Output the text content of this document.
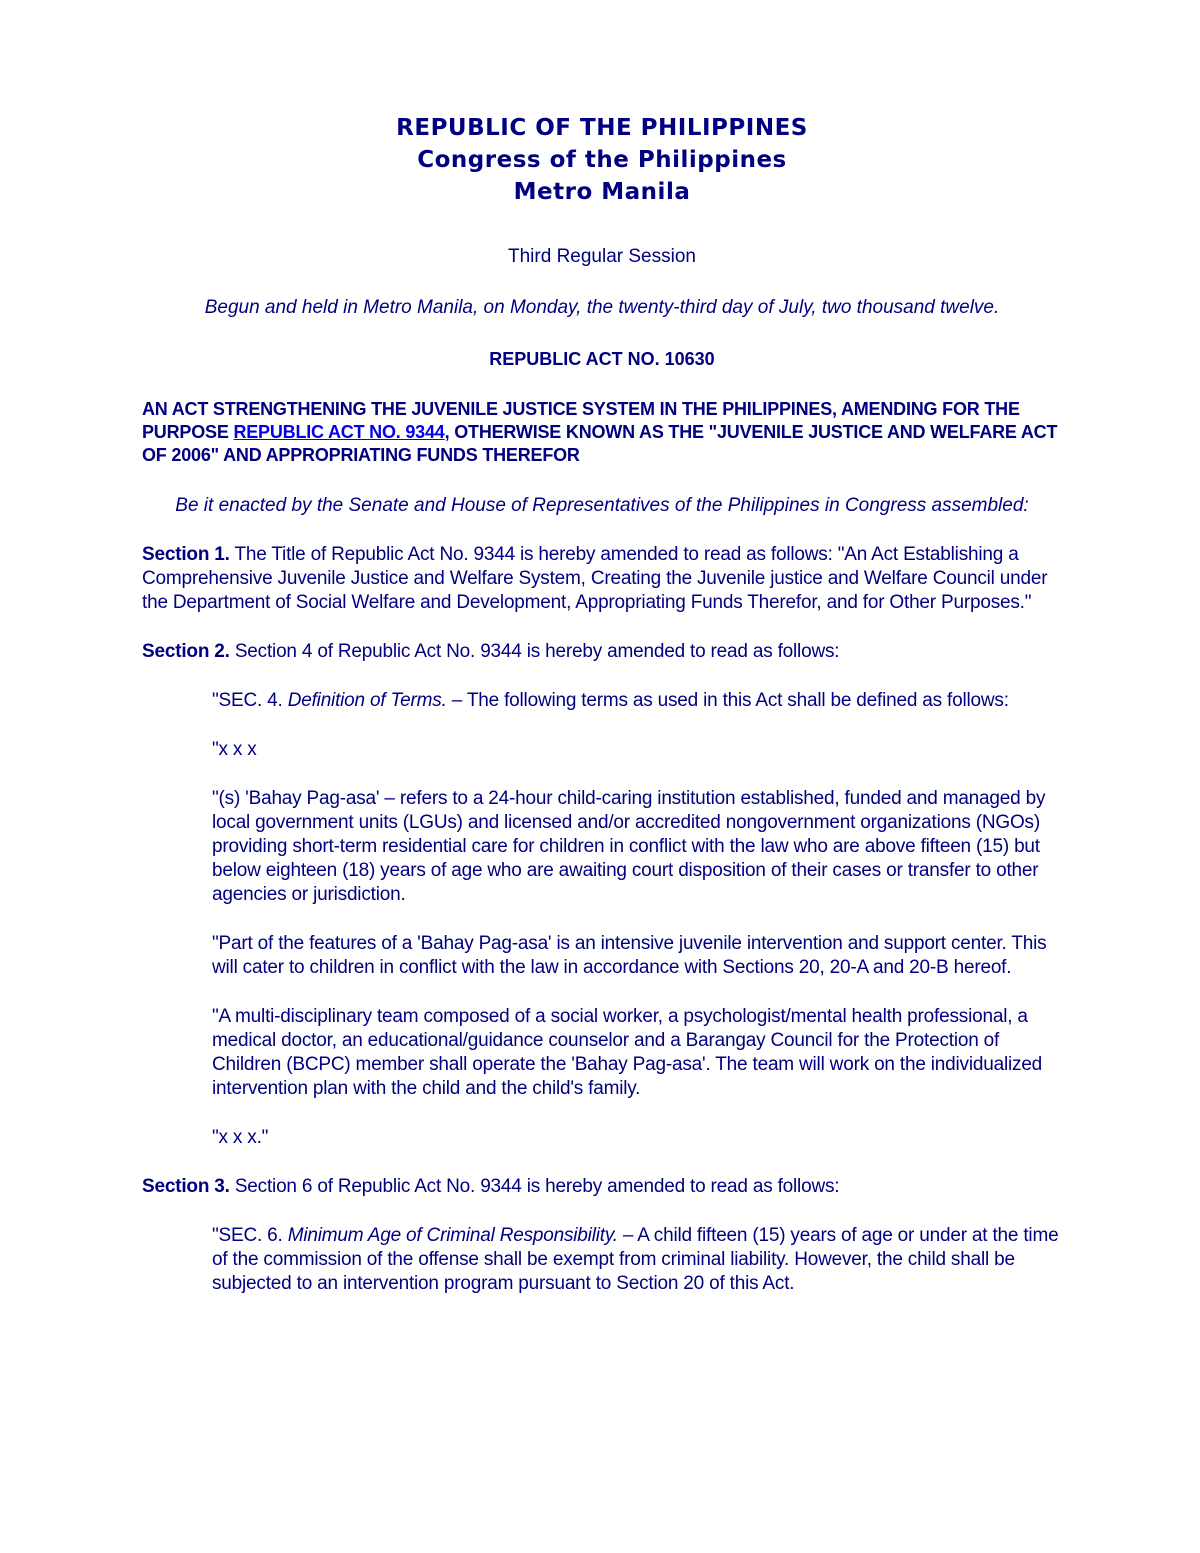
REPUBLIC OF THE PHILIPPINES
Congress of the Philippines
Metro Manila
Third Regular Session
Begun and held in Metro Manila, on Monday, the twenty-third day of July, two thousand twelve.
REPUBLIC ACT NO. 10630
AN ACT STRENGTHENING THE JUVENILE JUSTICE SYSTEM IN THE PHILIPPINES, AMENDING FOR THE PURPOSE REPUBLIC ACT NO. 9344, OTHERWISE KNOWN AS THE "JUVENILE JUSTICE AND WELFARE ACT OF 2006" AND APPROPRIATING FUNDS THEREFOR
Be it enacted by the Senate and House of Representatives of the Philippines in Congress assembled:
Section 1. The Title of Republic Act No. 9344 is hereby amended to read as follows: "An Act Establishing a Comprehensive Juvenile Justice and Welfare System, Creating the Juvenile justice and Welfare Council under the Department of Social Welfare and Development, Appropriating Funds Therefor, and for Other Purposes."
Section 2. Section 4 of Republic Act No. 9344 is hereby amended to read as follows:
"SEC. 4. Definition of Terms. – The following terms as used in this Act shall be defined as follows:
"x x x
"(s) 'Bahay Pag-asa' – refers to a 24-hour child-caring institution established, funded and managed by local government units (LGUs) and licensed and/or accredited nongovernment organizations (NGOs) providing short-term residential care for children in conflict with the law who are above fifteen (15) but below eighteen (18) years of age who are awaiting court disposition of their cases or transfer to other agencies or jurisdiction.
"Part of the features of a 'Bahay Pag-asa' is an intensive juvenile intervention and support center. This will cater to children in conflict with the law in accordance with Sections 20, 20-A and 20-B hereof.
"A multi-disciplinary team composed of a social worker, a psychologist/mental health professional, a medical doctor, an educational/guidance counselor and a Barangay Council for the Protection of Children (BCPC) member shall operate the 'Bahay Pag-asa'. The team will work on the individualized intervention plan with the child and the child's family.
"x x x."
Section 3. Section 6 of Republic Act No. 9344 is hereby amended to read as follows:
"SEC. 6. Minimum Age of Criminal Responsibility. – A child fifteen (15) years of age or under at the time of the commission of the offense shall be exempt from criminal liability. However, the child shall be subjected to an intervention program pursuant to Section 20 of this Act.
